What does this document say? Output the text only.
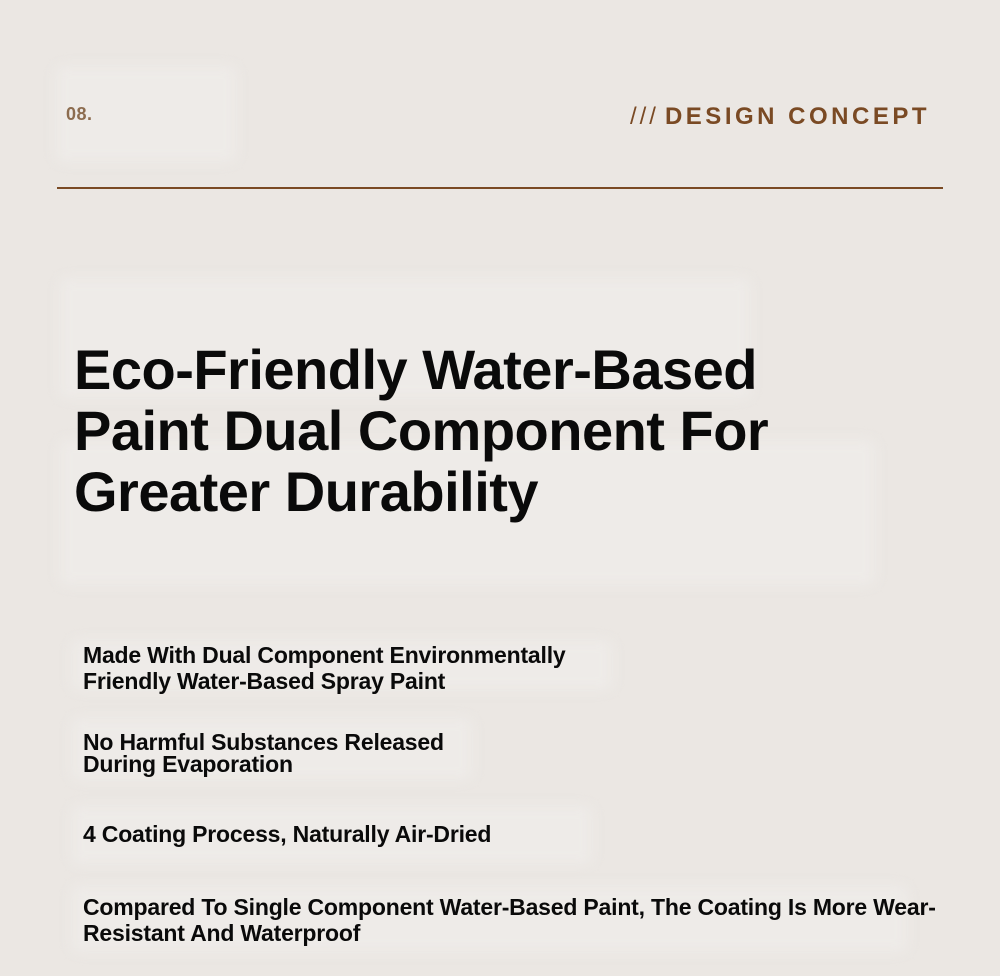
08.	/// DESIGN CONCEPT

Eco-Friendly Water-Based Paint Dual Component For Greater Durability

Made With Dual Component Environmentally Friendly Water-Based Spray Paint

No Harmful Substances Released During Evaporation

4 Coating Process, Naturally Air-Dried

Compared To Single Component Water-Based Paint, The Coating Is More Wear-Resistant And Waterproof
